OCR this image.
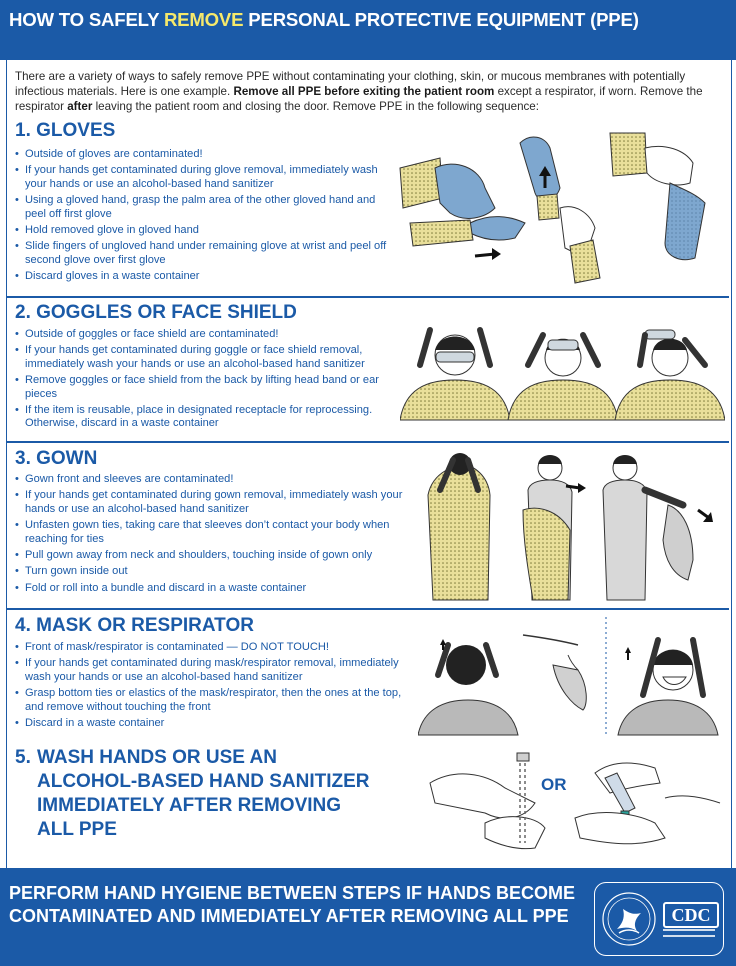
HOW TO SAFELY REMOVE PERSONAL PROTECTIVE EQUIPMENT (PPE)
There are a variety of ways to safely remove PPE without contaminating your clothing, skin, or mucous membranes with potentially infectious materials. Here is one example. Remove all PPE before exiting the patient room except a respirator, if worn. Remove the respirator after leaving the patient room and closing the door. Remove PPE in the following sequence:
1. GLOVES
• Outside of gloves are contaminated!
• If your hands get contaminated during glove removal, immediately wash your hands or use an alcohol-based hand sanitizer
• Using a gloved hand, grasp the palm area of the other gloved hand and peel off first glove
• Hold removed glove in gloved hand
• Slide fingers of ungloved hand under remaining glove at wrist and peel off second glove over first glove
• Discard gloves in a waste container
2. GOGGLES OR FACE SHIELD
• Outside of goggles or face shield are contaminated!
• If your hands get contaminated during goggle or face shield removal, immediately wash your hands or use an alcohol-based hand sanitizer
• Remove goggles or face shield from the back by lifting head band or ear pieces
• If the item is reusable, place in designated receptacle for reprocessing. Otherwise, discard in a waste container
3. GOWN
• Gown front and sleeves are contaminated!
• If your hands get contaminated during gown removal, immediately wash your hands or use an alcohol-based hand sanitizer
• Unfasten gown ties, taking care that sleeves don’t contact your body when reaching for ties
• Pull gown away from neck and shoulders, touching inside of gown only
• Turn gown inside out
• Fold or roll into a bundle and discard in a waste container
4. MASK OR RESPIRATOR
• Front of mask/respirator is contaminated — DO NOT TOUCH!
• If your hands get contaminated during mask/respirator removal, immediately wash your hands or use an alcohol-based hand sanitizer
• Grasp bottom ties or elastics of the mask/respirator, then the ones at the top, and remove without touching the front
• Discard in a waste container
5. WASH HANDS OR USE AN
ALCOHOL-BASED HAND SANITIZER
IMMEDIATELY AFTER REMOVING
ALL PPE
OR
PERFORM HAND HYGIENE BETWEEN STEPS IF HANDS BECOME CONTAMINATED AND IMMEDIATELY AFTER REMOVING ALL PPE	CDC
